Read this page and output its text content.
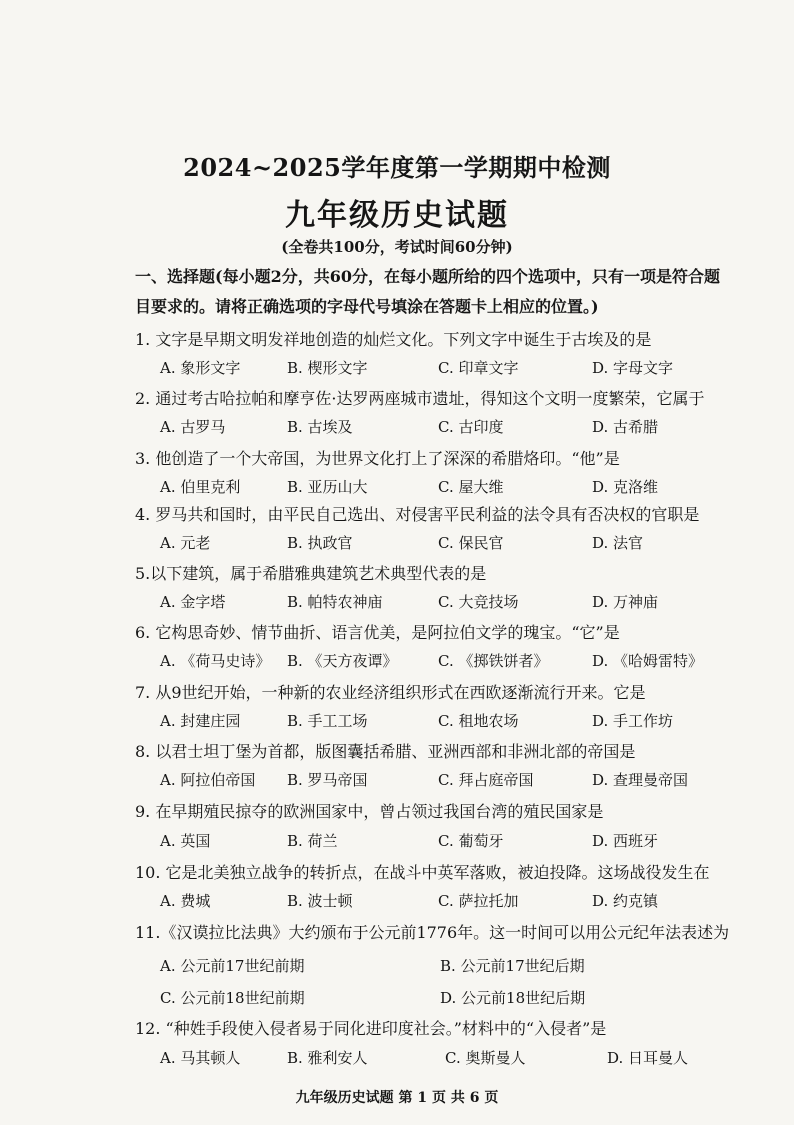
2024~2025学年度第一学期期中检测
九年级历史试题
(全卷共100分，考试时间60分钟)
一、选择题(每小题2分，共60分，在每小题所给的四个选项中，只有一项是符合题目要求的。请将正确选项的字母代号填涂在答题卡上相应的位置。)
1. 文字是早期文明发祥地创造的灿烂文化。下列文字中诞生于古埃及的是
A. 象形文字	B. 楔形文字	C. 印章文字	D. 字母文字
2. 通过考古哈拉帕和摩亨佐·达罗两座城市遗址，得知这个文明一度繁荣，它属于
A. 古罗马	B. 古埃及	C. 古印度	D. 古希腊
3. 他创造了一个大帝国，为世界文化打上了深深的希腊烙印。“他”是
A. 伯里克利	B. 亚历山大	C. 屋大维	D. 克洛维
4. 罗马共和国时，由平民自己选出、对侵害平民利益的法令具有否决权的官职是
A. 元老	B. 执政官	C. 保民官	D. 法官
5.以下建筑，属于希腊雅典建筑艺术典型代表的是
A. 金字塔	B. 帕特农神庙	C. 大竞技场	D. 万神庙
6. 它构思奇妙、情节曲折、语言优美，是阿拉伯文学的瑰宝。“它”是
A. 《荷马史诗》 B. 《天方夜谭》	C. 《掷铁饼者》	D. 《哈姆雷特》
7. 从9世纪开始，一种新的农业经济组织形式在西欧逐渐流行开来。它是
A. 封建庄园	B. 手工工场	C. 租地农场	D. 手工作坊
8. 以君士坦丁堡为首都，版图囊括希腊、亚洲西部和非洲北部的帝国是
A. 阿拉伯帝国 B. 罗马帝国	C. 拜占庭帝国	D. 查理曼帝国
9. 在早期殖民掠夺的欧洲国家中，曾占领过我国台湾的殖民国家是
A. 英国	B. 荷兰	C. 葡萄牙	D. 西班牙
10. 它是北美独立战争的转折点，在战斗中英军落败，被迫投降。这场战役发生在
A. 费城	B. 波士顿	C. 萨拉托加	D. 约克镇
11.《汉谟拉比法典》大约颁布于公元前1776年。这一时间可以用公元纪年法表述为
A. 公元前17世纪前期	B. 公元前17世纪后期
C. 公元前18世纪前期	D. 公元前18世纪后期
12. “种姓手段使入侵者易于同化进印度社会。”材料中的“入侵者”是
A. 马其顿人	B. 雅利安人	C. 奥斯曼人	D. 日耳曼人
九年级历史试题 第 1 页 共 6 页
